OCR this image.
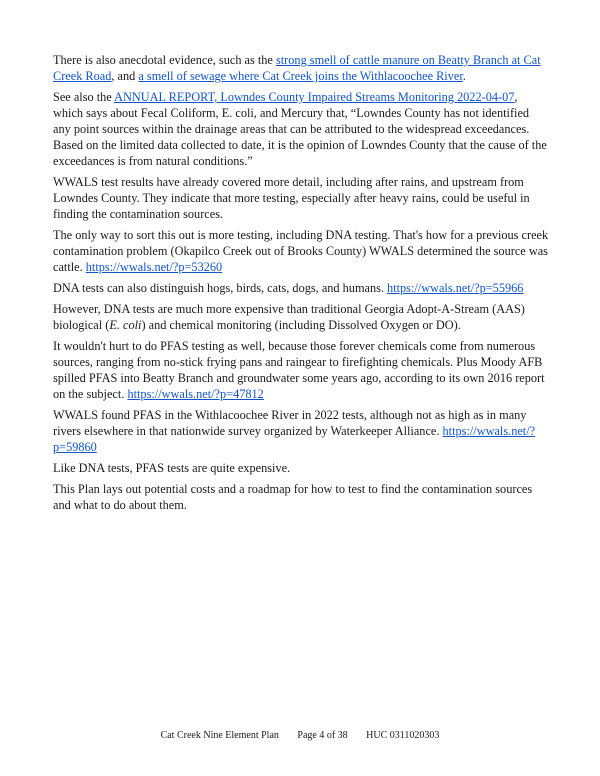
There is also anecdotal evidence, such as the strong smell of cattle manure on Beatty Branch at Cat Creek Road, and a smell of sewage where Cat Creek joins the Withlacoochee River.

See also the ANNUAL REPORT, Lowndes County Impaired Streams Monitoring 2022-04-07, which says about Fecal Coliform, E. coli, and Mercury that, “Lowndes County has not identified any point sources within the drainage areas that can be attributed to the widespread exceedances. Based on the limited data collected to date, it is the opinion of Lowndes County that the cause of the exceedances is from natural conditions.”

WWALS test results have already covered more detail, including after rains, and upstream from Lowndes County. They indicate that more testing, especially after heavy rains, could be useful in finding the contamination sources.

The only way to sort this out is more testing, including DNA testing. That's how for a previous creek contamination problem (Okapilco Creek out of Brooks County) WWALS determined the source was cattle. https://wwals.net/?p=53260

DNA tests can also distinguish hogs, birds, cats, dogs, and humans. https://wwals.net/?p=55966

However, DNA tests are much more expensive than traditional Georgia Adopt-A-Stream (AAS) biological (E. coli) and chemical monitoring (including Dissolved Oxygen or DO).

It wouldn't hurt to do PFAS testing as well, because those forever chemicals come from numerous sources, ranging from no-stick frying pans and raingear to firefighting chemicals. Plus Moody AFB spilled PFAS into Beatty Branch and groundwater some years ago, according to its own 2016 report on the subject. https://wwals.net/?p=47812

WWALS found PFAS in the Withlacoochee River in 2022 tests, although not as high as in many rivers elsewhere in that nationwide survey organized by Waterkeeper Alliance. https://wwals.net/?p=59860

Like DNA tests, PFAS tests are quite expensive.

This Plan lays out potential costs and a roadmap for how to test to find the contamination sources and what to do about them.

Cat Creek Nine Element Plan Page 4 of 38 HUC 0311020303
